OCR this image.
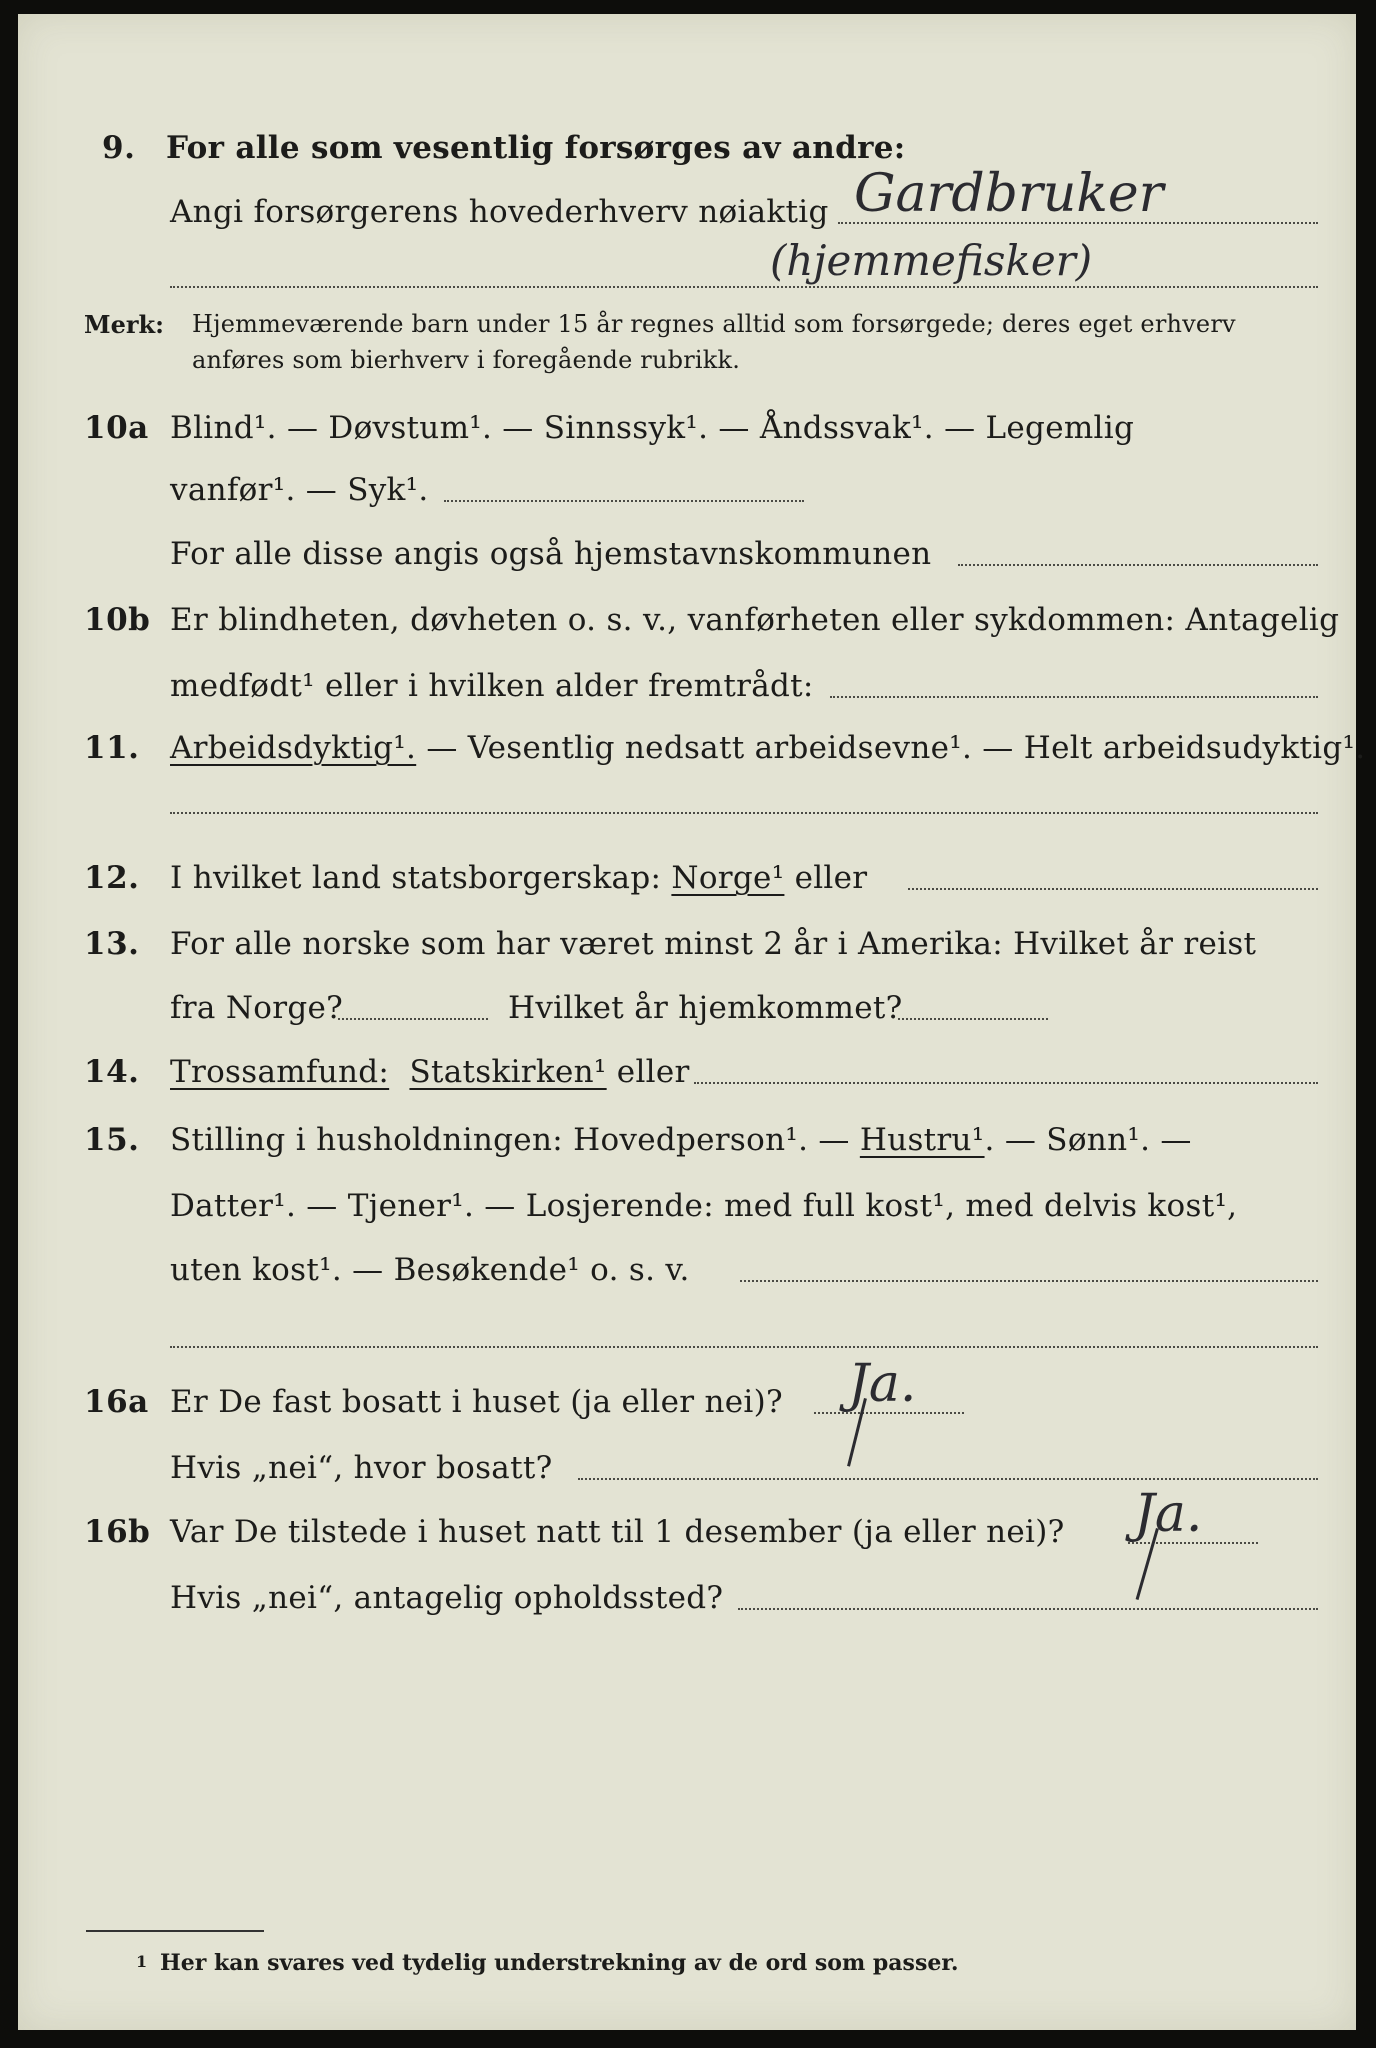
9. For alle som vesentlig forsørges av andre:
Angi forsørgerens hovederhverv nøiaktig Gardbruker
(hjemmefisker)
Merk: Hjemmeværende barn under 15 år regnes alltid som forsørgede; deres eget erhverv
anføres som bierhverv i foregående rubrikk.
10a Blind¹. — Døvstum¹. — Sinnssyk¹. — Åndssvak¹. — Legemlig
vanfør¹. — Syk¹.
For alle disse angis også hjemstavnskommunen
10b Er blindheten, døvheten o. s. v., vanførheten eller sykdommen: Antagelig
medfødt¹ eller i hvilken alder fremtrådt:
11. Arbeidsdyktig¹. — Vesentlig nedsatt arbeidsevne¹. — Helt arbeidsudyktig¹.
12. I hvilket land statsborgerskap: Norge¹ eller
13. For alle norske som har været minst 2 år i Amerika: Hvilket år reist
fra Norge?	Hvilket år hjemkommet?
14. Trossamfund: Statskirken¹ eller
15. Stilling i husholdningen: Hovedperson¹. — Hustru¹. — Sønn¹. —
Datter¹. — Tjener¹. — Losjerende: med full kost¹, med delvis kost¹,
uten kost¹. — Besøkende¹ o. s. v.
16a Er De fast bosatt i huset (ja eller nei)? Ja.
Hvis „nei“, hvor bosatt?
16b Var De tilstede i huset natt til 1 desember (ja eller nei)? Ja.
Hvis „nei“, antagelig opholdssted?
1 Her kan svares ved tydelig understrekning av de ord som passer.
